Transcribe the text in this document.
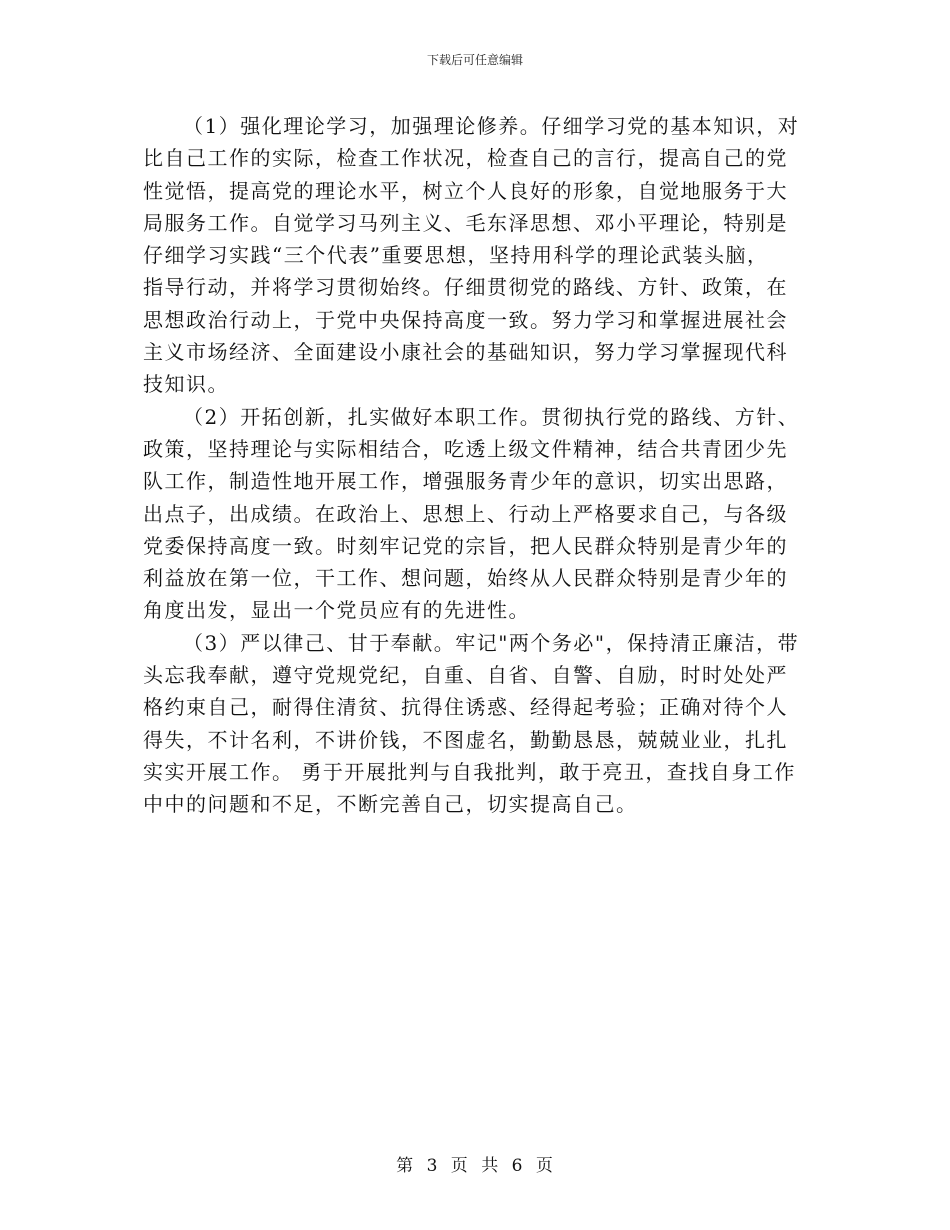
下载后可任意编辑

（1）强化理论学习，加强理论修养。仔细学习党的基本知识，对
比自己工作的实际，检查工作状况，检查自己的言行，提高自己的党
性觉悟，提高党的理论水平，树立个人良好的形象，自觉地服务于大
局服务工作。自觉学习马列主义、毛东泽思想、邓小平理论，特别是
仔细学习实践“三个代表”重要思想，坚持用科学的理论武装头脑，
指导行动，并将学习贯彻始终。仔细贯彻党的路线、方针、政策，在
思想政治行动上，于党中央保持高度一致。努力学习和掌握进展社会
主义市场经济、全面建设小康社会的基础知识，努力学习掌握现代科
技知识。

（2）开拓创新，扎实做好本职工作。贯彻执行党的路线、方针、
政策，坚持理论与实际相结合，吃透上级文件精神，结合共青团少先
队工作，制造性地开展工作，增强服务青少年的意识，切实出思路，
出点子，出成绩。在政治上、思想上、行动上严格要求自己，与各级
党委保持高度一致。时刻牢记党的宗旨，把人民群众特别是青少年的
利益放在第一位，干工作、想问题，始终从人民群众特别是青少年的
角度出发，显出一个党员应有的先进性。

（3）严以律己、甘于奉献。牢记"两个务必"，保持清正廉洁，带
头忘我奉献，遵守党规党纪，自重、自省、自警、自励，时时处处严
格约束自己，耐得住清贫、抗得住诱惑、经得起考验；正确对待个人
得失，不计名利，不讲价钱，不图虚名，勤勤恳恳，兢兢业业，扎扎
实实开展工作。 勇于开展批判与自我批判，敢于亮丑，查找自身工作
中中的问题和不足，不断完善自己，切实提高自己。

第 3 页 共 6 页
